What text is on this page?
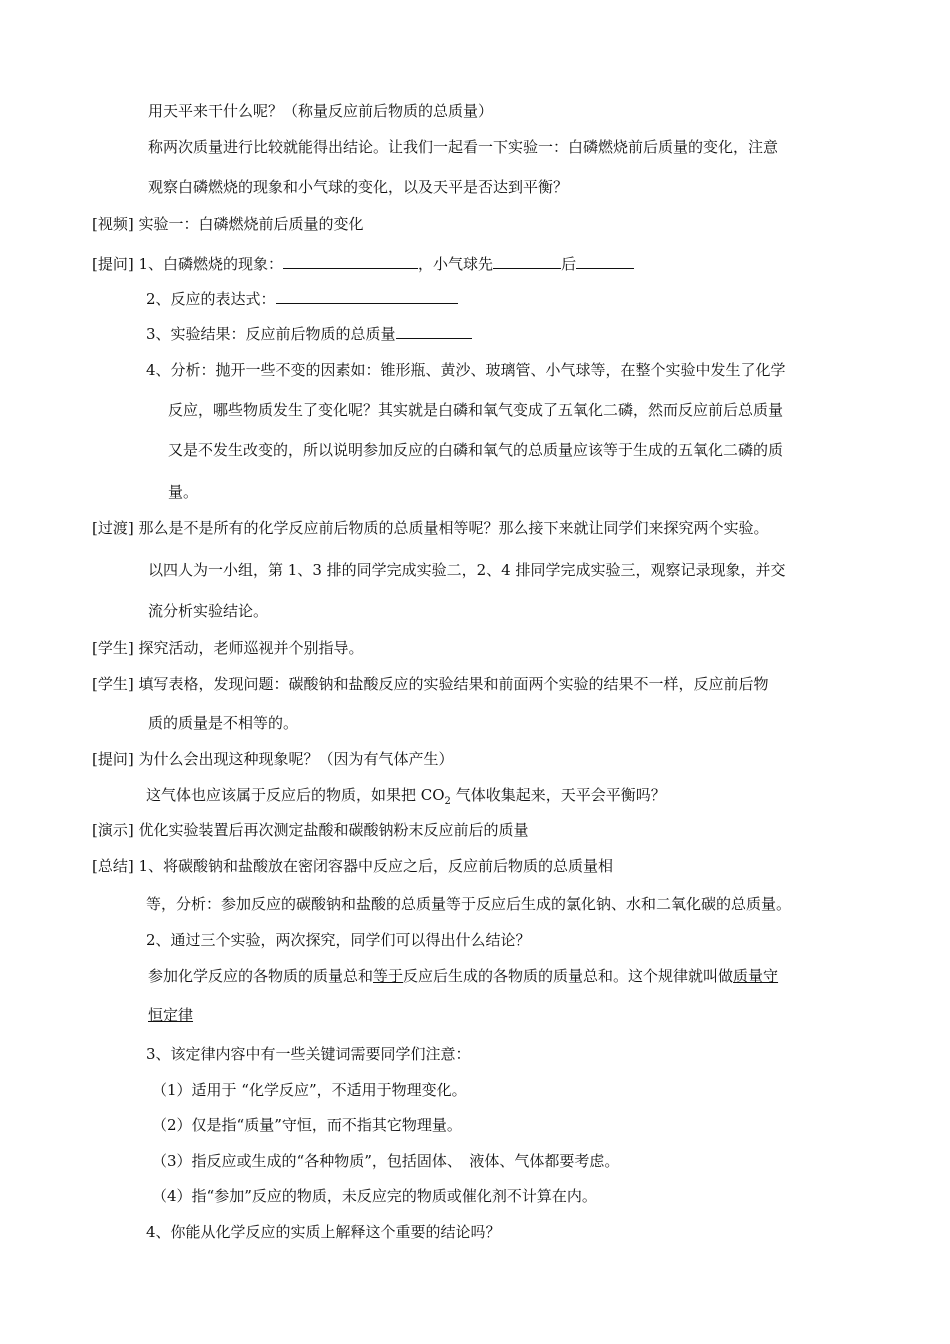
用天平来干什么呢？（称量反应前后物质的总质量）
称两次质量进行比较就能得出结论。让我们一起看一下实验一：白磷燃烧前后质量的变化，注意
观察白磷燃烧的现象和小气球的变化，以及天平是否达到平衡？
[视频] 实验一：白磷燃烧前后质量的变化
[提问] 1、白磷燃烧的现象：	，小气球先	后
2、反应的表达式：
3、实验结果：反应前后物质的总质量
4、分析：抛开一些不变的因素如：锥形瓶、黄沙、玻璃管、小气球等，在整个实验中发生了化学
反应，哪些物质发生了变化呢？其实就是白磷和氧气变成了五氧化二磷，然而反应前后总质量
又是不发生改变的，所以说明参加反应的白磷和氧气的总质量应该等于生成的五氧化二磷的质
量。
[过渡] 那么是不是所有的化学反应前后物质的总质量相等呢？那么接下来就让同学们来探究两个实验。
以四人为一小组，第 1、3 排的同学完成实验二，2、4 排同学完成实验三，观察记录现象，并交
流分析实验结论。
[学生] 探究活动，老师巡视并个别指导。
[学生] 填写表格，发现问题：碳酸钠和盐酸反应的实验结果和前面两个实验的结果不一样，反应前后物
质的质量是不相等的。
[提问] 为什么会出现这种现象呢？（因为有气体产生）
这气体也应该属于反应后的物质，如果把 $CO_2$ 气体收集起来，天平会平衡吗？
[演示] 优化实验装置后再次测定盐酸和碳酸钠粉末反应前后的质量
[总结] 1、将碳酸钠和盐酸放在密闭容器中反应之后，反应前后物质的总质量相
等，分析：参加反应的碳酸钠和盐酸的总质量等于反应后生成的氯化钠、水和二氧化碳的总质量。
2、通过三个实验，两次探究，同学们可以得出什么结论？
参加化学反应的各物质的质量总和等于反应后生成的各物质的质量总和。这个规律就叫做质量守
恒定律
3、该定律内容中有一些关键词需要同学们注意：
（1）适用于 “化学反应”，不适用于物理变化。
（2）仅是指“质量”守恒，而不指其它物理量。
（3）指反应或生成的“各种物质”，包括固体、　液体、气体都要考虑。
（4）指“参加”反应的物质，未反应完的物质或催化剂不计算在内。
4、你能从化学反应的实质上解释这个重要的结论吗？
